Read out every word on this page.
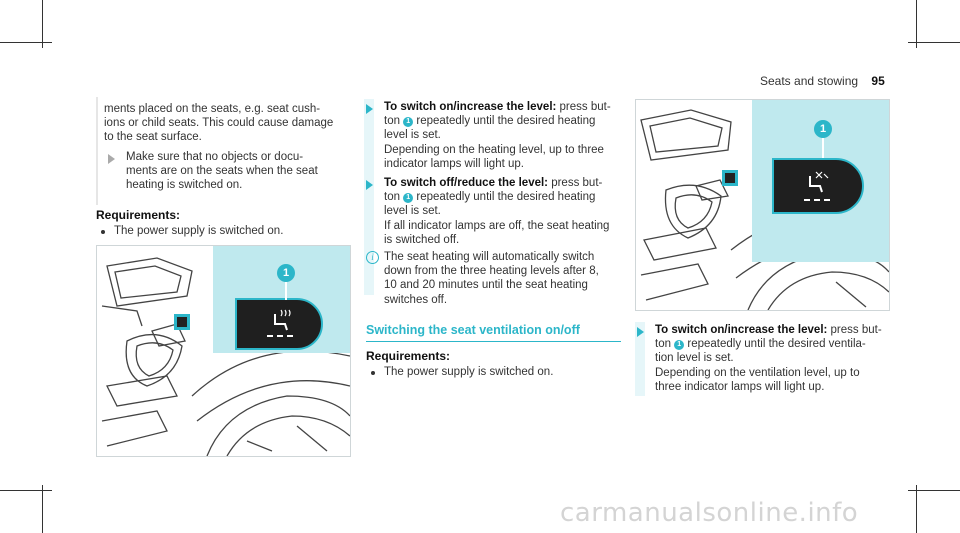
Seats and stowing 95
ments placed on the seats, e.g. seat cush-
ions or child seats. This could cause damage
to the seat surface.
Make sure that no objects or docu-
ments are on the seats when the seat
heating is switched on.
Requirements:
The power supply is switched on.
1
To switch on/increase the level: press but-
ton 1 repeatedly until the desired heating
level is set.
Depending on the heating level, up to three
indicator lamps will light up.
To switch off/reduce the level: press but-
ton 1 repeatedly until the desired heating
level is set.
If all indicator lamps are off, the seat heating
is switched off.
i The seat heating will automatically switch
down from the three heating levels after 8,
10 and 20 minutes until the seat heating
switches off.
Switching the seat ventilation on/off
Requirements:
The power supply is switched on.
1
To switch on/increase the level: press but-
ton 1 repeatedly until the desired ventila-
tion level is set.
Depending on the ventilation level, up to
three indicator lamps will light up.
carmanualsonline.info
